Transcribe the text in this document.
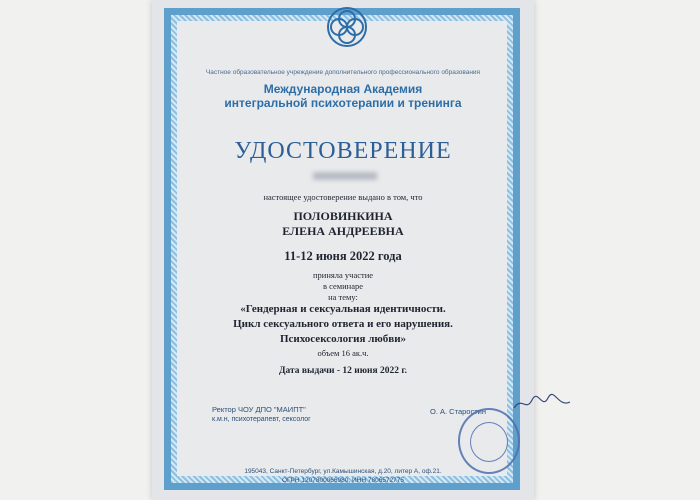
Частное образовательное учреждение дополнительного профессионального образования
Международная Академия
интегральной психотерапии и тренинга
УДОСТОВЕРЕНИЕ
настоящее удостоверение выдано в том, что
ПОЛОВИНКИНА
ЕЛЕНА АНДРЕЕВНА
11-12 июня 2022 года
приняла участие
в семинаре
на тему:
«Гендерная и сексуальная идентичности.
Цикл сексуального ответа и его нарушения.
Психосексология любви»
объем 16 ак.ч.
Дата выдачи - 12 июня 2022 г.
Ректор ЧОУ ДПО "МАИПТ"
к.м.н, психотерапевт, сексолог
О. А. Старостин
195043, Санкт-Петербург, ул.Камышинская, д.20, литер А, оф.21.
ОГРН 1207800066980, ИНН 7806572775
